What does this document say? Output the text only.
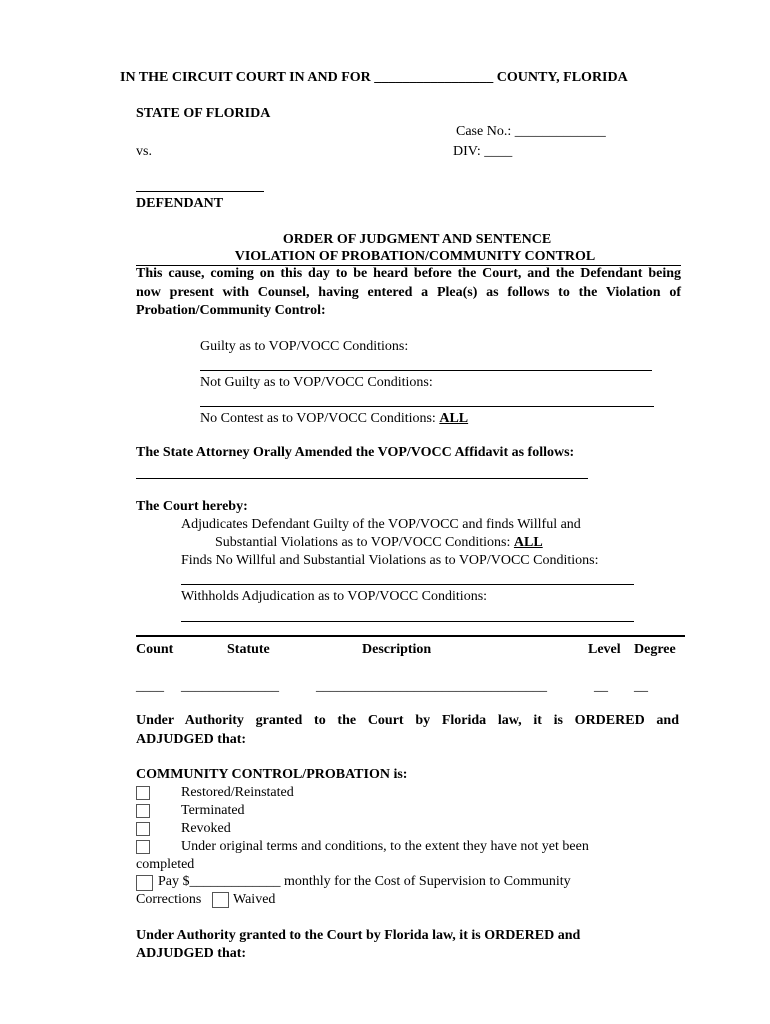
IN THE CIRCUIT COURT IN AND FOR _________________ COUNTY, FLORIDA
STATE OF FLORIDA
Case No.: _____________
vs.	DIV: ____
DEFENDANT
ORDER OF JUDGMENT AND SENTENCE
VIOLATION OF PROBATION/COMMUNITY CONTROL
This cause, coming on this day to be heard before the Court, and the Defendant being
now present with Counsel, having entered a Plea(s) as follows to the Violation of
Probation/Community Control:
Guilty as to VOP/VOCC Conditions:
Not Guilty as to VOP/VOCC Conditions:
No Contest as to VOP/VOCC Conditions: ALL
The State Attorney Orally Amended the VOP/VOCC Affidavit as follows:
The Court hereby:
Adjudicates Defendant Guilty of the VOP/VOCC and finds Willful and
Substantial Violations as to VOP/VOCC Conditions: ALL
Finds No Willful and Substantial Violations as to VOP/VOCC Conditions:
Withholds Adjudication as to VOP/VOCC Conditions:
Count	Statute	Description	Level Degree
____ ______________	_________________________________	__ __
Under Authority granted to the Court by Florida law, it is ORDERED and
ADJUDGED that:
COMMUNITY CONTROL/PROBATION is:
Restored/Reinstated
Terminated
Revoked
Under original terms and conditions, to the extent they have not yet been
completed
Pay $_____________ monthly for the Cost of Supervision to Community
Corrections Waived
Under Authority granted to the Court by Florida law, it is ORDERED and
ADJUDGED that:
